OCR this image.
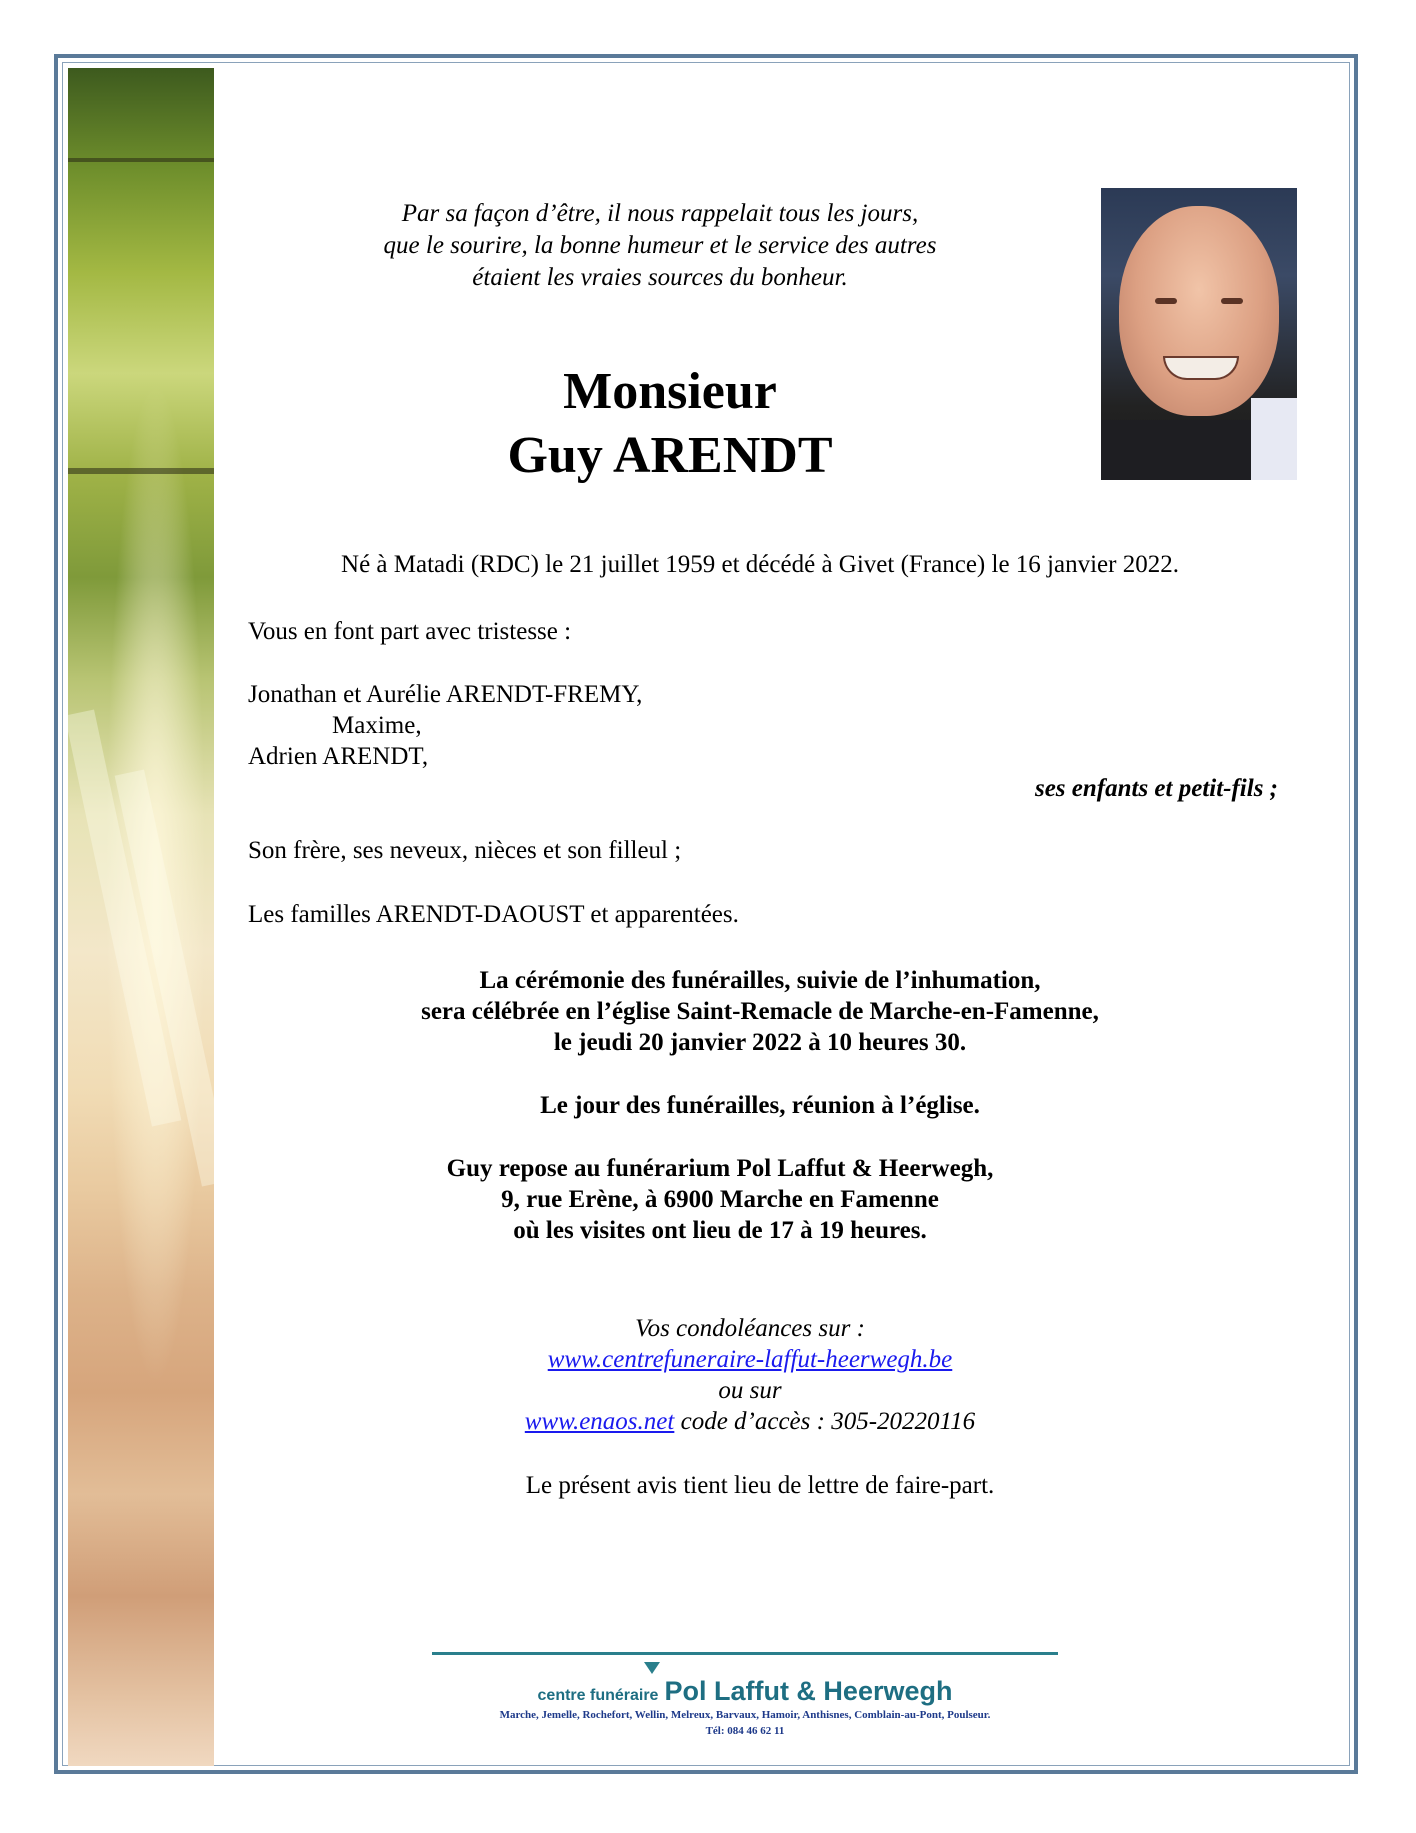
Par sa façon d’être, il nous rappelait tous les jours,
que le sourire, la bonne humeur et le service des autres
étaient les vraies sources du bonheur.
Monsieur
Guy ARENDT
Né à Matadi (RDC) le 21 juillet 1959 et décédé à Givet (France) le 16 janvier 2022.
Vous en font part avec tristesse :
Jonathan et Aurélie ARENDT-FREMY,
Maxime,
Adrien ARENDT,
ses enfants et petit-fils ;
Son frère, ses neveux, nièces et son filleul ;
Les familles ARENDT-DAOUST et apparentées.
La cérémonie des funérailles, suivie de l’inhumation,
sera célébrée en l’église Saint-Remacle de Marche-en-Famenne,
le jeudi 20 janvier 2022 à 10 heures 30.
Le jour des funérailles, réunion à l’église.
Guy repose au funérarium Pol Laffut & Heerwegh,
9, rue Erène, à 6900 Marche en Famenne
où les visites ont lieu de 17 à 19 heures.
Vos condoléances sur :
www.centrefuneraire-laffut-heerwegh.be
ou sur
www.enaos.net code d’accès : 305-20220116
Le présent avis tient lieu de lettre de faire-part.
centre funéraire Pol Laffut & Heerwegh
Marche, Jemelle, Rochefort, Wellin, Melreux, Barvaux, Hamoir, Anthisnes, Comblain-au-Pont, Poulseur.
Tél: 084 46 62 11
